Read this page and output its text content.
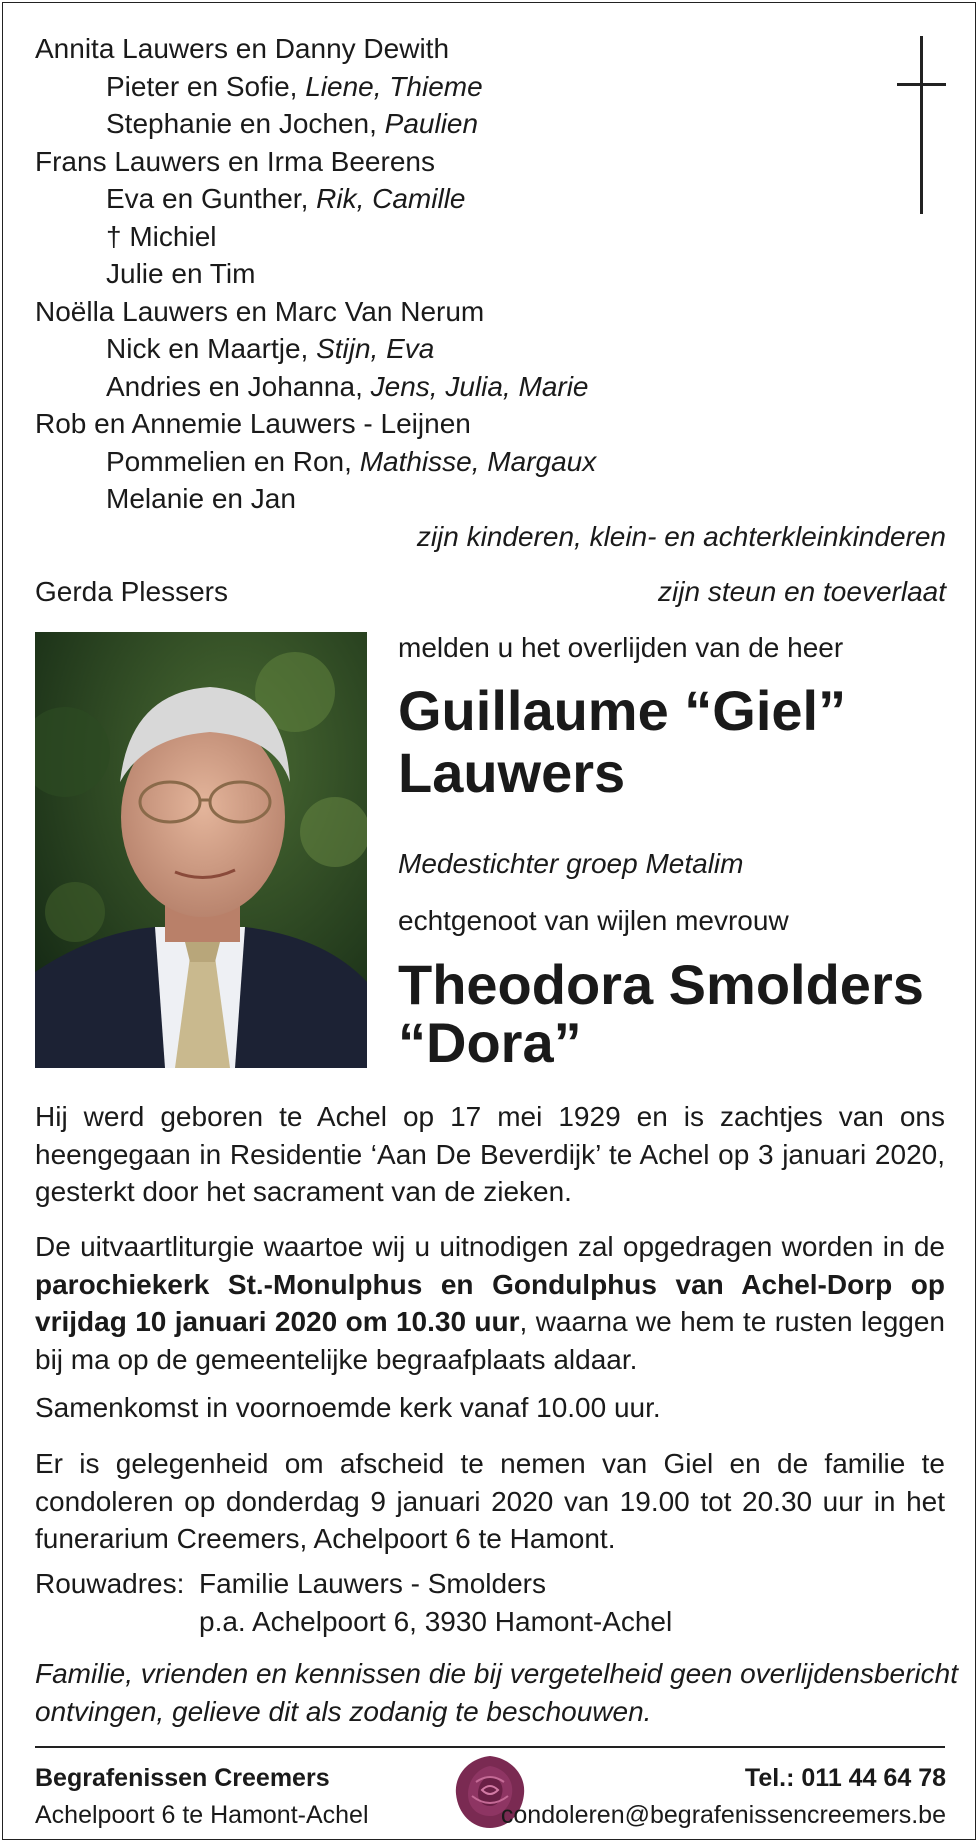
Annita Lauwers en Danny Dewith
Pieter en Sofie, Liene, Thieme
Stephanie en Jochen, Paulien
Frans Lauwers en Irma Beerens
Eva en Gunther, Rik, Camille
† Michiel
Julie en Tim
Noëlla Lauwers en Marc Van Nerum
Nick en Maartje, Stijn, Eva
Andries en Johanna, Jens, Julia, Marie
Rob en Annemie Lauwers - Leijnen
Pommelien en Ron, Mathisse, Margaux
Melanie en Jan
zijn kinderen, klein- en achterkleinkinderen
Gerda Plessers	zijn steun en toeverlaat
melden u het overlijden van de heer
Guillaume “Giel”
Lauwers
Medestichter groep Metalim
echtgenoot van wijlen mevrouw
Theodora Smolders
“Dora”
Hij werd geboren te Achel op 17 mei 1929 en is zachtjes van ons heengegaan in Residentie ‘Aan De Beverdijk’ te Achel op 3 januari 2020, gesterkt door het sacrament van de zieken.
De uitvaartliturgie waartoe wij u uitnodigen zal opgedragen worden in de parochiekerk St.-Monulphus en Gondulphus van Achel-Dorp op vrijdag 10 januari 2020 om 10.30 uur, waarna we hem te rusten leggen bij ma op de gemeentelijke begraafplaats aldaar.
Samenkomst in voornoemde kerk vanaf 10.00 uur.
Er is gelegenheid om afscheid te nemen van Giel en de familie te condoleren op donderdag 9 januari 2020 van 19.00 tot 20.30 uur in het funerarium Creemers, Achelpoort 6 te Hamont.
Rouwadres: Familie Lauwers - Smolders
p.a. Achelpoort 6, 3930 Hamont-Achel
Familie, vrienden en kennissen die bij vergetelheid geen overlijdensbericht
ontvingen, gelieve dit als zodanig te beschouwen.
Begrafenissen Creemers
Achelpoort 6 te Hamont-Achel
Tel.: 011 44 64 78
condoleren@begrafenissencreemers.be
